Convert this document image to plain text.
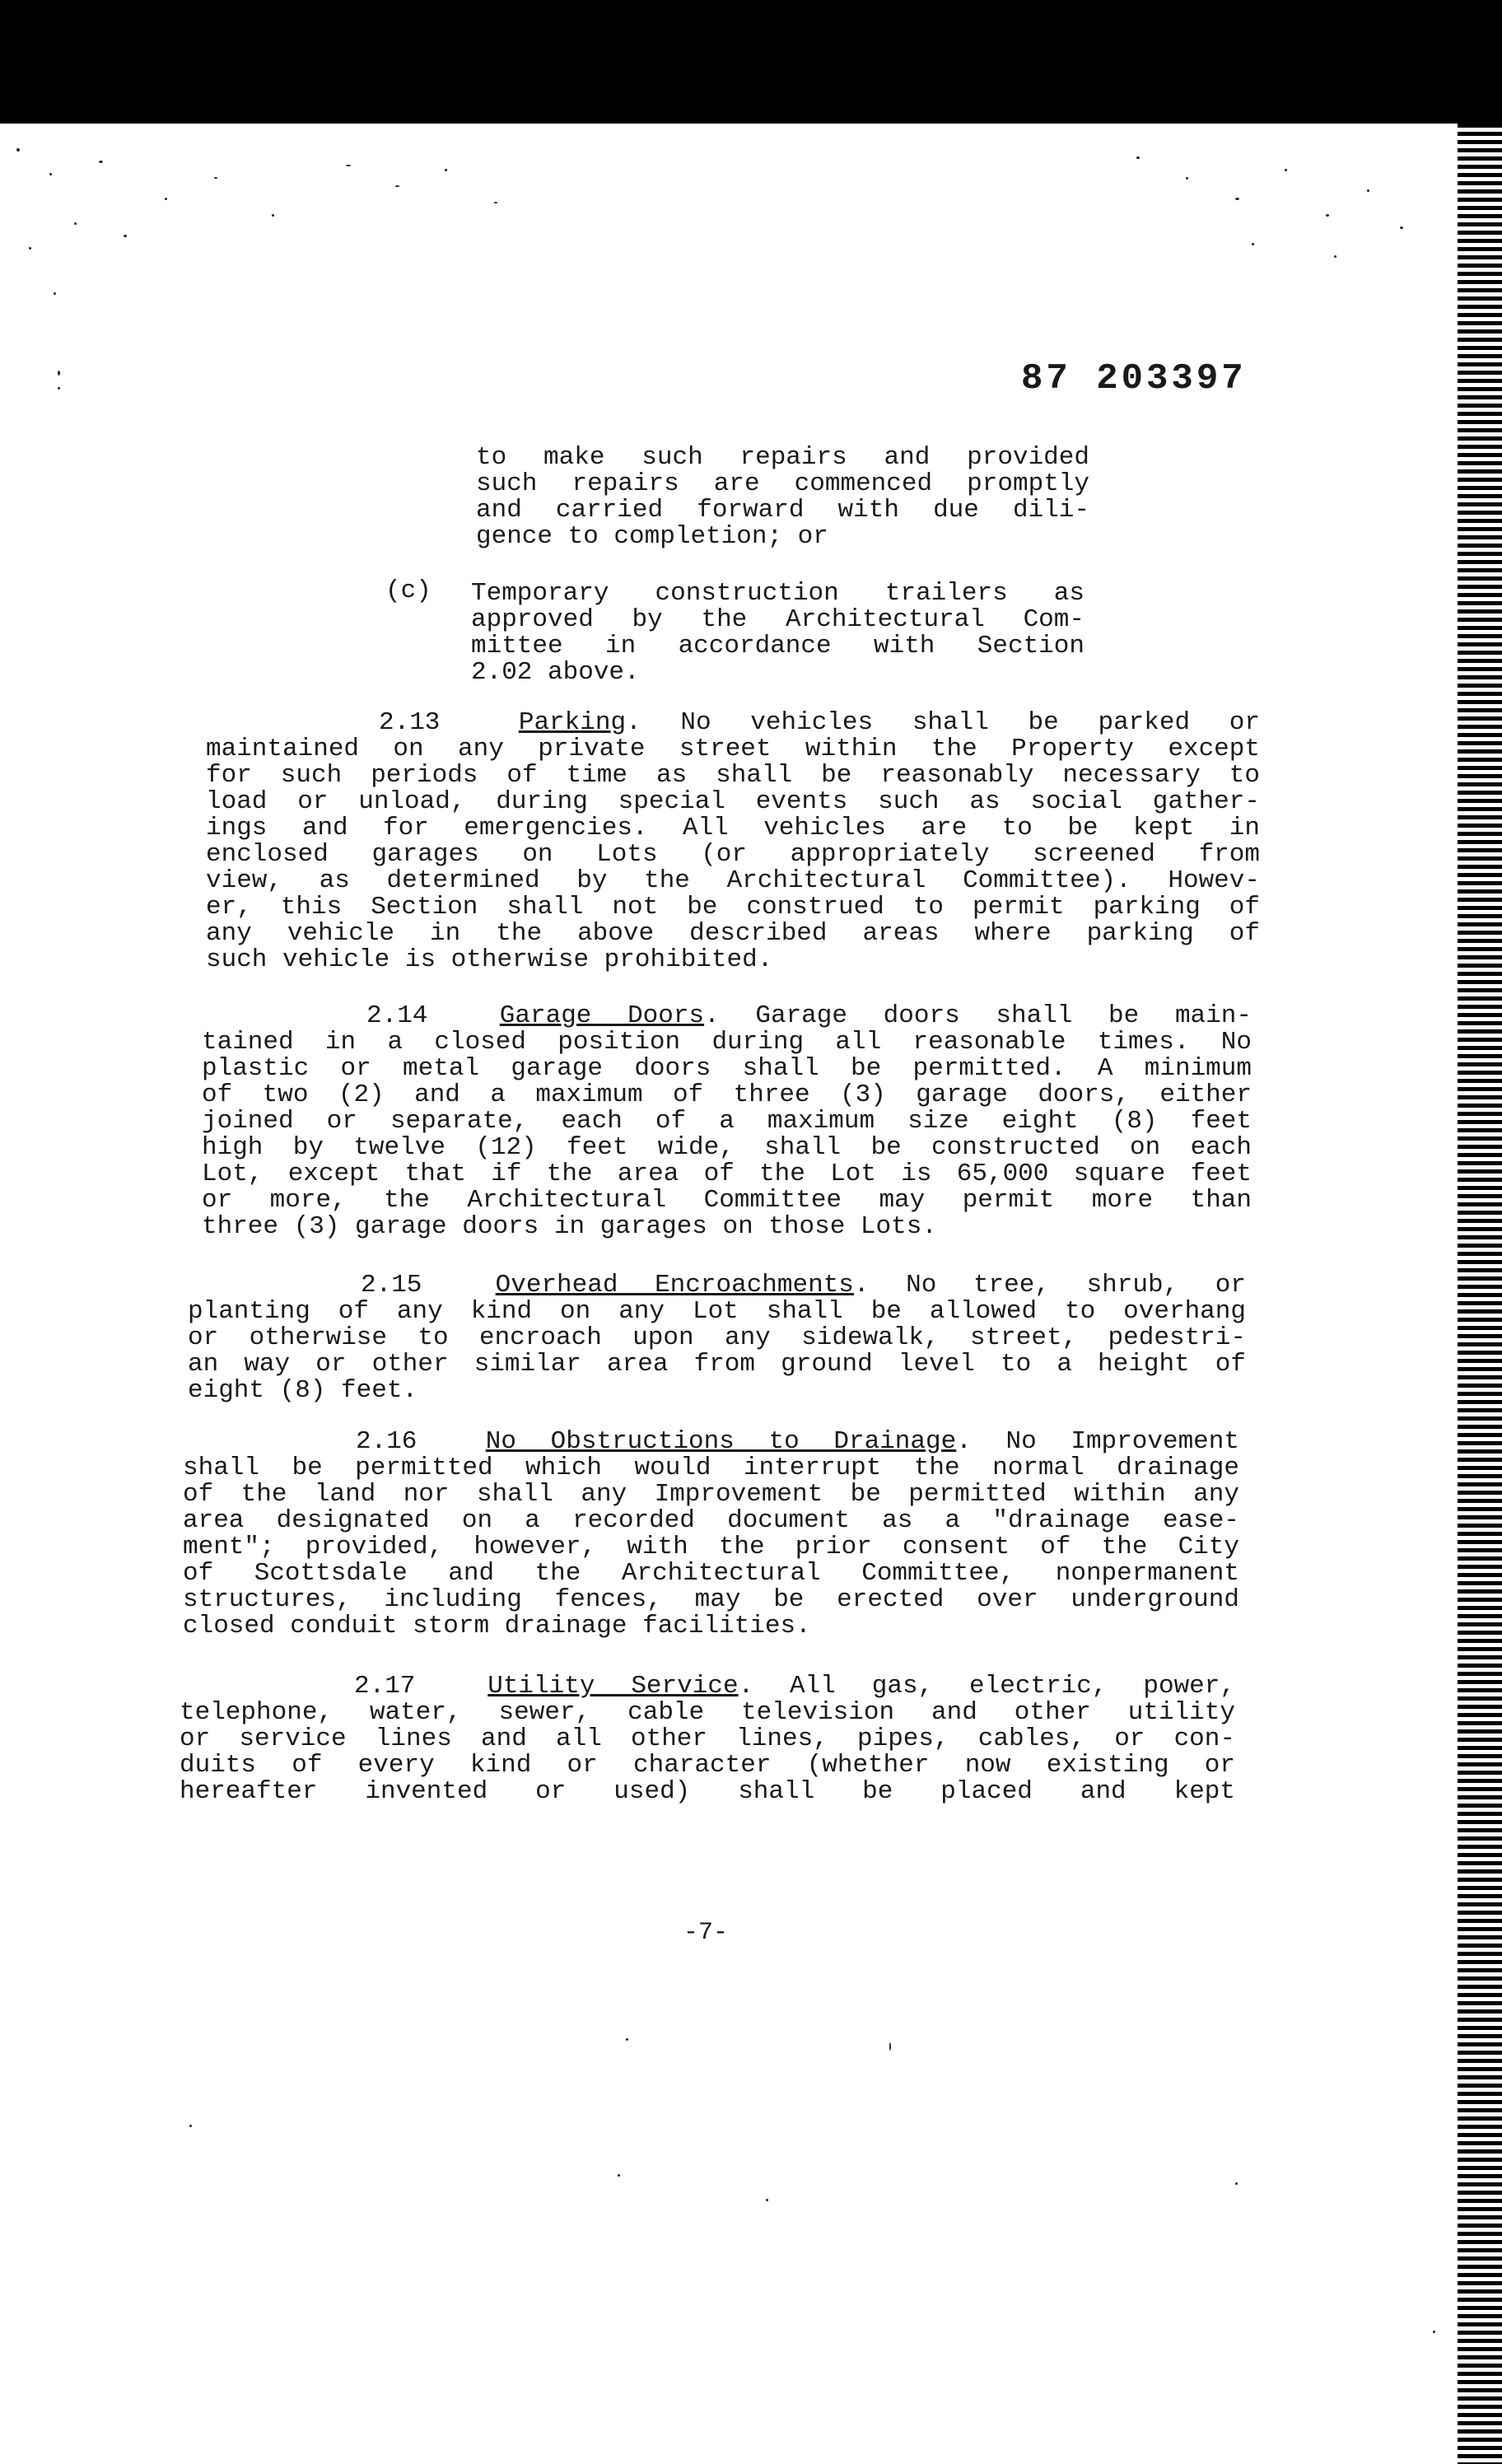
87 203397

to make such repairs and provided

such repairs are commenced promptly

and carried forward with due dili-

gence to completion; or

(c) Temporary construction trailers as

approved by the Architectural Com-

mittee in accordance with Section

2.02 above.

2.13	Parking. No vehicles shall be parked or

maintained on any private street within the Property except

for such periods of time as shall be reasonably necessary to

load or unload, during special events such as social gather-

ings and for emergencies. All vehicles are to be kept in

enclosed garages on Lots (or appropriately screened from

view, as determined by the Architectural Committee). Howev-

er, this Section shall not be construed to permit parking of

any vehicle in the above described areas where parking of

such vehicle is otherwise prohibited.

2.14	Garage Doors. Garage doors shall be main-

tained in a closed position during all reasonable times. No

plastic or metal garage doors shall be permitted. A minimum

of two (2) and a maximum of three (3) garage doors, either

joined or separate, each of a maximum size eight (8) feet

high by twelve (12) feet wide, shall be constructed on each

Lot, except that if the area of the Lot is 65,000 square feet

or more, the Architectural Committee may permit more than

three (3) garage doors in garages on those Lots.

2.15	Overhead Encroachments. No tree, shrub, or

planting of any kind on any Lot shall be allowed to overhang

or otherwise to encroach upon any sidewalk, street, pedestri-

an way or other similar area from ground level to a height of

eight (8) feet.

2.16	No Obstructions to Drainage. No Improvement

shall be permitted which would interrupt the normal drainage

of the land nor shall any Improvement be permitted within any

area designated on a recorded document as a "drainage ease-

ment"; provided, however, with the prior consent of the City

of Scottsdale and the Architectural Committee, nonpermanent

structures, including fences, may be erected over underground

closed conduit storm drainage facilities.

2.17	Utility Service. All gas, electric, power,

telephone, water, sewer, cable television and other utility

or service lines and all other lines, pipes, cables, or con-

duits of every kind or character (whether now existing or

hereafter invented or used) shall be placed and kept

-7-
